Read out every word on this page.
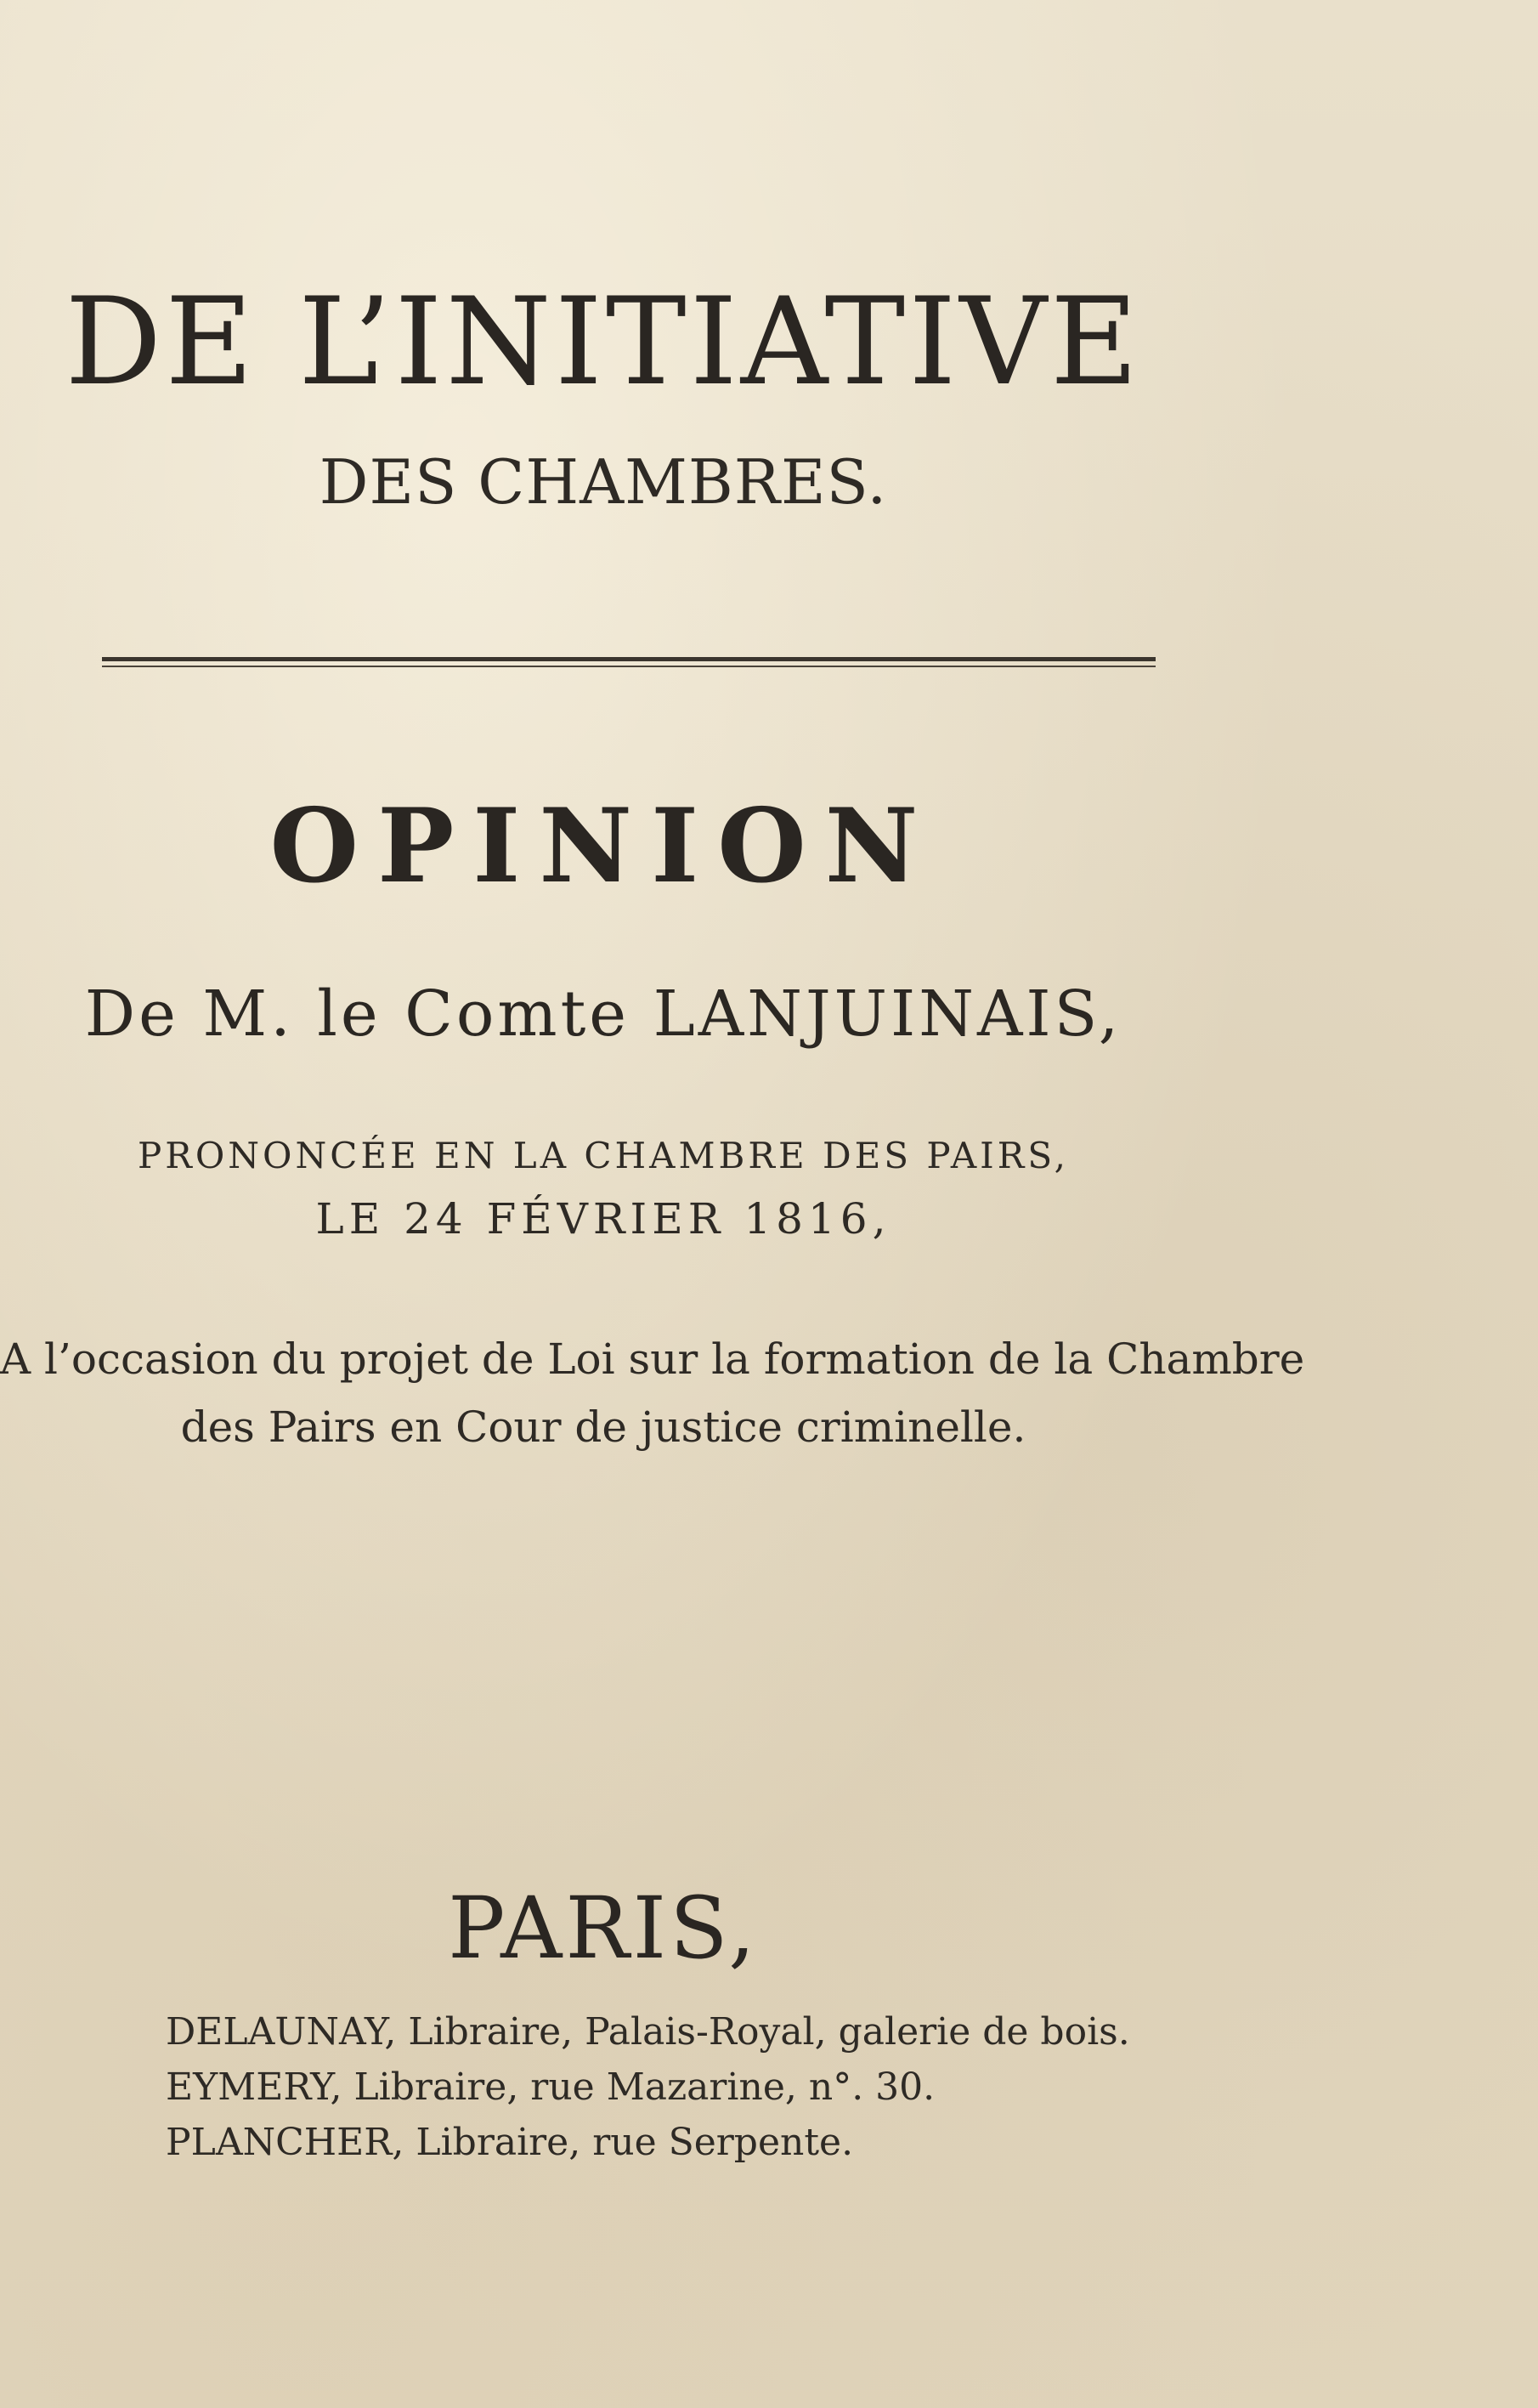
DE L’INITIATIVE
DES CHAMBRES.
OPINION
De M. le Comte LANJUINAIS,
PRONONCÉE EN LA CHAMBRE DES PAIRS,
LE 24 FÉVRIER 1816,
A l’occasion du projet de Loi sur la formation de la Chambre
des Pairs en Cour de justice criminelle.
PARIS,
DELAUNAY, Libraire, Palais-Royal, galerie de bois.
EYMERY, Libraire, rue Mazarine, n°. 30.
PLANCHER, Libraire, rue Serpente.
